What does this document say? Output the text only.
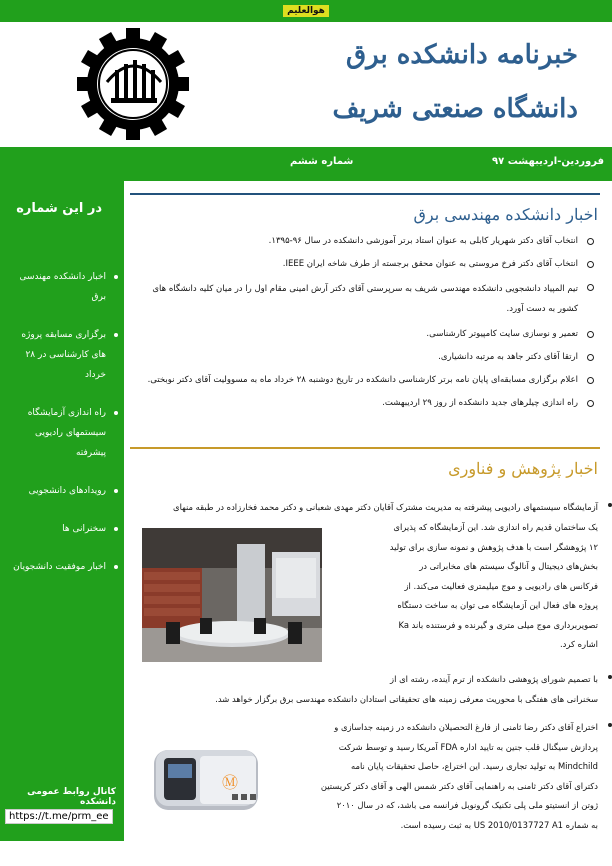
هوالعلیم
خبرنامه دانشکده برق
دانشگاه صنعتی شریف
فروردین-اردیبهشت ۹۷
شماره ششم
در این شماره
اخبار دانشکده مهندسی برق
برگزاری مسابقه پروژه های کارشناسی در ۲۸ خرداد
راه اندازی آزمایشگاه سیستمهای رادیویی پیشرفته
رویدادهای دانشجویی
سخنرانی ها
اخبار موفقیت دانشجویان
کانال روابط عمومی دانشکده
https://t.me/prm_ee
اخبار دانشکده مهندسی برق
انتخاب آقای دکتر شهریار کابلی به عنوان استاد برتر آموزشی دانشکده در سال ۹۶-۱۳۹۵.
انتخاب آقای دکتر فرخ مروستی به عنوان محقق برجسته از طرف شاخه ایران IEEE.
تیم المپیاد دانشجویی دانشکده مهندسی شریف به سرپرستی آقای دکتر آرش امینی مقام اول را در میان کلیه دانشگاه های کشور به دست آورد.
تعمیر و نوسازی سایت کامپیوتر کارشناسی.
ارتقا آقای دکتر جاهد به مرتبه دانشیاری.
اعلام برگزاری مسابقه‌ای پایان نامه برتر کارشناسی دانشکده در تاریخ دوشنبه ۲۸ خرداد ماه به مسوولیت آقای دکتر نوبختی.
راه اندازی چیلرهای جدید دانشکده از روز ۲۹ اردیبهشت.
اخبار پژوهش و فناوری
آزمایشگاه سیستمهای رادیویی پیشرفته به مدیریت مشترک آقایان دکتر مهدی شعبانی و دکتر محمد فخارزاده در طبقه منهای
یک ساختمان قدیم راه اندازی شد. این آزمایشگاه که پذیرای
۱۲ پژوهشگر است با هدف پژوهش و نمونه سازی برای تولید
بخش‌های دیجیتال و آنالوگ سیستم های مخابراتی در
فرکانس های رادیویی و موج میلیمتری فعالیت می‌کند. از
پروژه های فعال این آزمایشگاه می توان به ساخت دستگاه
تصویربرداری موج میلی متری و گیرنده و فرستنده باند Ka
اشاره کرد.
با تصمیم شورای پژوهشی دانشکده از ترم آینده، رشته ای از
سخنرانی های هفتگی با محوریت معرفی زمینه های تحقیقاتی استادان دانشکده مهندسی برق برگزار خواهد شد.
Ⓜ
اختراع آقای دکتر رضا ثامنی از فارغ التحصیلان دانشکده در زمینه جداسازی و
پردازش سیگنال قلب جنین به تایید اداره FDA آمریکا رسید و توسط شرکت
Mindchild به تولید تجاری رسید. این اختراع، حاصل تحقیقات پایان نامه
دکترای آقای دکتر ثامنی به راهنمایی آقای دکتر شمس الهی و آقای دکتر کریستین
ژوتن از انستیتو ملی پلی تکنیک گرونوبل فرانسه می باشد، که در سال ۲۰۱۰
به شماره US 2010/0137727 A1 به ثبت رسیده است.
